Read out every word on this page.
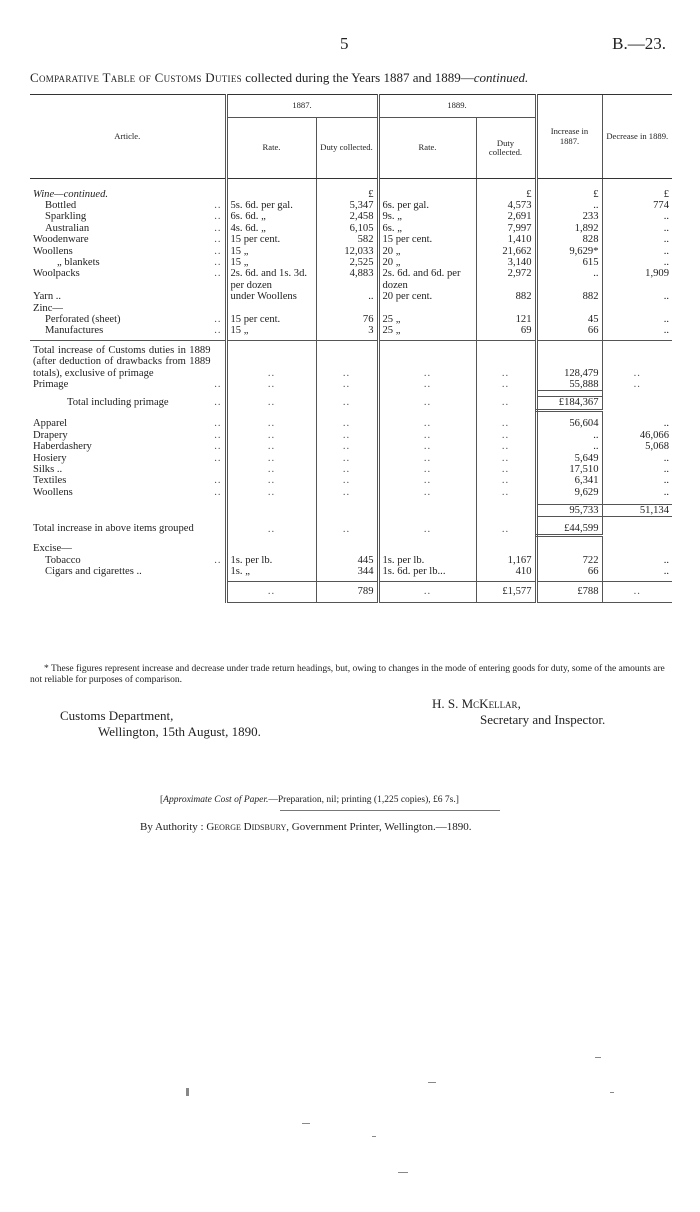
5	B.—23.
Comparative Table of Customs Duties collected during the Years 1887 and 1889—continued.
Article.	1887.		1889.		Increase in 1887.	Decrease in 1889.
	Rate.	Duty collected.	Rate.	Duty collected.		

Wine—continued.		£		£	£	£

Bottled ..	5s. 6d. per gal.	5,347	6s. per gal.	4,573	..	774

Sparkling ..	6s. 6d. „	2,458	9s. „	2,691	233	..

Australian ..	4s. 6d. „	6,105	6s. „	7,997	1,892	..

Woodenware ..	15 per cent.	582	15 per cent.	1,410	828	..

Woollens ..	15 „	12,033	20 „	21,662	9,629*	..

„ blankets ..	15 „	2,525	20 „	3,140	615	..

Woolpacks ..	2s. 6d. and 1s. 3d. per dozen	4,883	2s. 6d. and 6d. per dozen	2,972	..	1,909

Yarn ..	under Woollens	..	20 per cent.	882	882	..

Zinc—						

Perforated (sheet) ..	15 per cent.	76	25 „	121	45	..

Manufactures ..	15 „	3	25 „	69	66	..

Total increase of Customs duties in 1889 (after deduction of drawbacks from 1889 totals), exclusive of primage	..	..	..	..	128,479	..

Primage ..	..	..	..	..	55,888	..

Total including primage ..	..	..	..	..	£184,367	

Apparel ..	..	..	..	..	56,604	..

Drapery ..	..	..	..	..	..	46,066

Haberdashery ..	..	..	..	..	..	5,068

Hosiery ..	..	..	..	..	5,649	..

Silks ..	..	..	..	..	17,510	..

Textiles ..	..	..	..	..	6,341	..

Woollens ..	..	..	..	..	9,629	..

					95,733	51,134

Total increase in above items grouped	..	..	..	..	£44,599	

Excise—						

Tobacco ..	1s. per lb.	445	1s. per lb.	1,167	722	..

Cigars and cigarettes ..	1s. „	344	1s. 6d. per lb...	410	66	..

	..	789	..	£1,577	£788	..
* These figures represent increase and decrease under trade return headings, but, owing to changes in the mode of entering goods for duty, some of the amounts are not reliable for purposes of comparison.
H. S. McKellar,
Secretary and Inspector.
Customs Department,
Wellington, 15th August, 1890.
[Approximate Cost of Paper.—Preparation, nil; printing (1,225 copies), £6 7s.]
By Authority : George Didsbury, Government Printer, Wellington.—1890.
